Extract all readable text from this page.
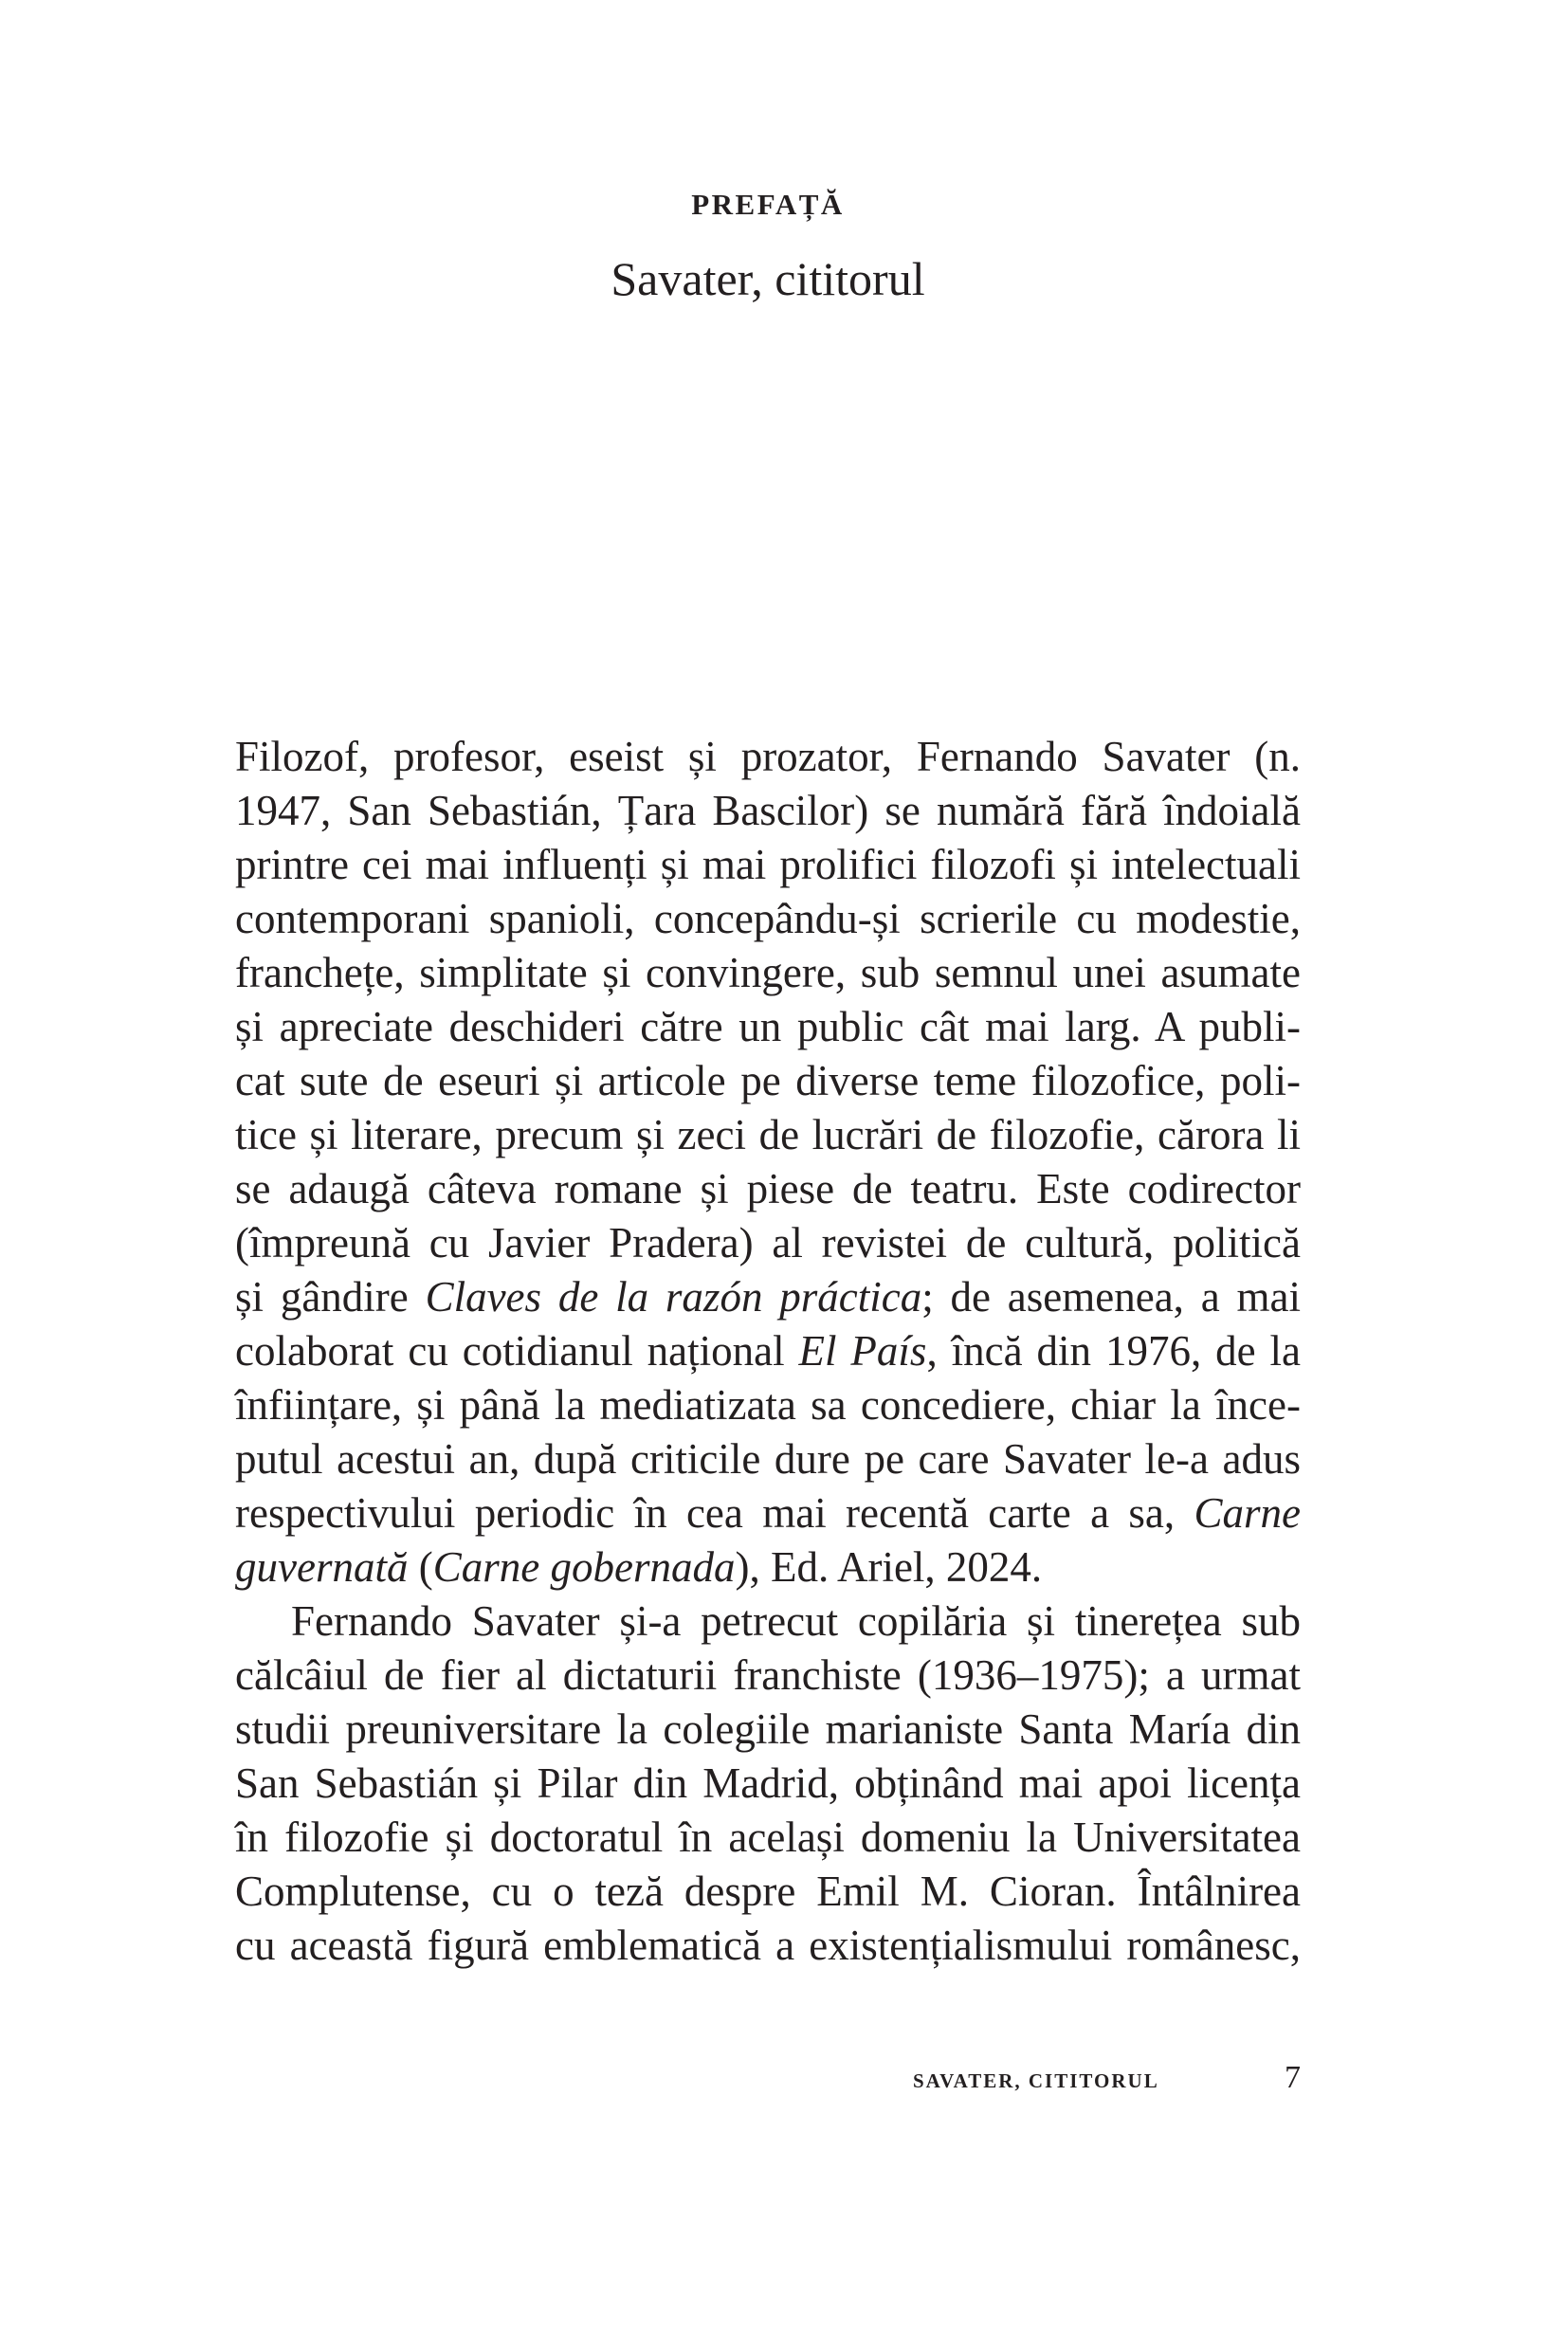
PREFAȚĂ
Savater, cititorul
Filozof, profesor, eseist și prozator, Fernando Savater (n.
1947, San Sebastián, Țara Bascilor) se numără fără îndoială
printre cei mai influenți și mai prolifici filozofi și intelectuali
contemporani spanioli, concepându-și scrierile cu modestie,
franchețe, simplitate și convingere, sub semnul unei asumate
și apreciate deschideri către un public cât mai larg. A publi-
cat sute de eseuri și articole pe diverse teme filozofice, poli-
tice și literare, precum și zeci de lucrări de filozofie, cărora li
se adaugă câteva romane și piese de teatru. Este codirector
(împreună cu Javier Pradera) al revistei de cultură, politică
și gândire Claves de la razón práctica; de asemenea, a mai
colaborat cu cotidianul național El País, încă din 1976, de la
înființare, și până la mediatizata sa concediere, chiar la înce-
putul acestui an, după criticile dure pe care Savater le-a adus
respectivului periodic în cea mai recentă carte a sa, Carne
guvernată (Carne gobernada), Ed. Ariel, 2024.
Fernando Savater și-a petrecut copilăria și tinerețea sub
călcâiul de fier al dictaturii franchiste (1936–1975); a urmat
studii preuniversitare la colegiile marianiste Santa María din
San Sebastián și Pilar din Madrid, obținând mai apoi licența
în filozofie și doctoratul în același domeniu la Universitatea
Complutense, cu o teză despre Emil M. Cioran. Întâlnirea
cu această figură emblematică a existențialismului românesc,
SAVATER, CITITORUL	7
